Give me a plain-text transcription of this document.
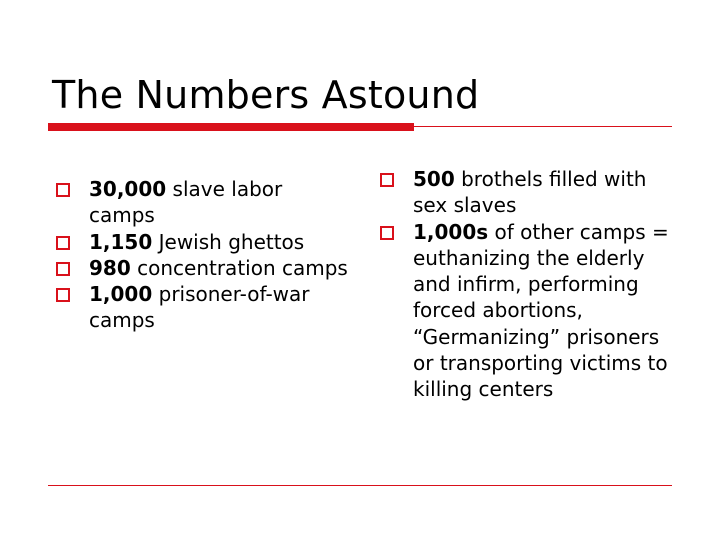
The Numbers Astound

30,000 slave labor camps

1,150 Jewish ghettos

980 concentration camps

1,000 prisoner-of-war camps

500 brothels filled with sex slaves

1,000s of other camps = euthanizing the elderly and infirm, performing forced abortions, “Germanizing” prisoners or transporting victims to killing centers
